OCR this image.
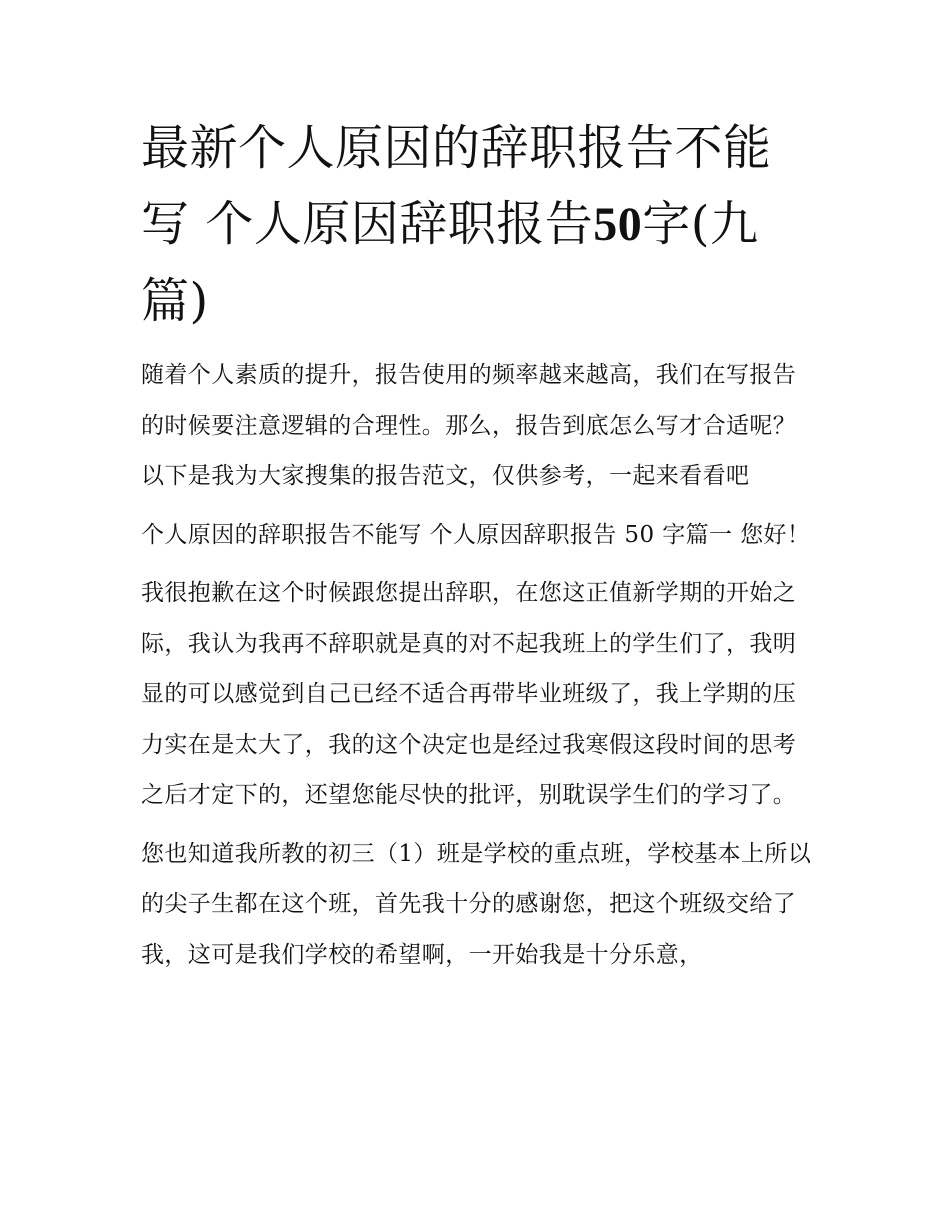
最新个人原因的辞职报告不能写 个人原因辞职报告50字(九篇)

随着个人素质的提升，报告使用的频率越来越高，我们在写报告的时候要注意逻辑的合理性。那么，报告到底怎么写才合适呢？以下是我为大家搜集的报告范文，仅供参考，一起来看看吧

个人原因的辞职报告不能写 个人原因辞职报告 50 字篇一 您好！

我很抱歉在这个时候跟您提出辞职，在您这正值新学期的开始之际，我认为我再不辞职就是真的对不起我班上的学生们了，我明显的可以感觉到自己已经不适合再带毕业班级了，我上学期的压力实在是太大了，我的这个决定也是经过我寒假这段时间的思考之后才定下的，还望您能尽快的批评，别耽误学生们的学习了。

您也知道我所教的初三（1）班是学校的重点班，学校基本上所以的尖子生都在这个班，首先我十分的感谢您，把这个班级交给了我，这可是我们学校的希望啊，一开始我是十分乐意，
